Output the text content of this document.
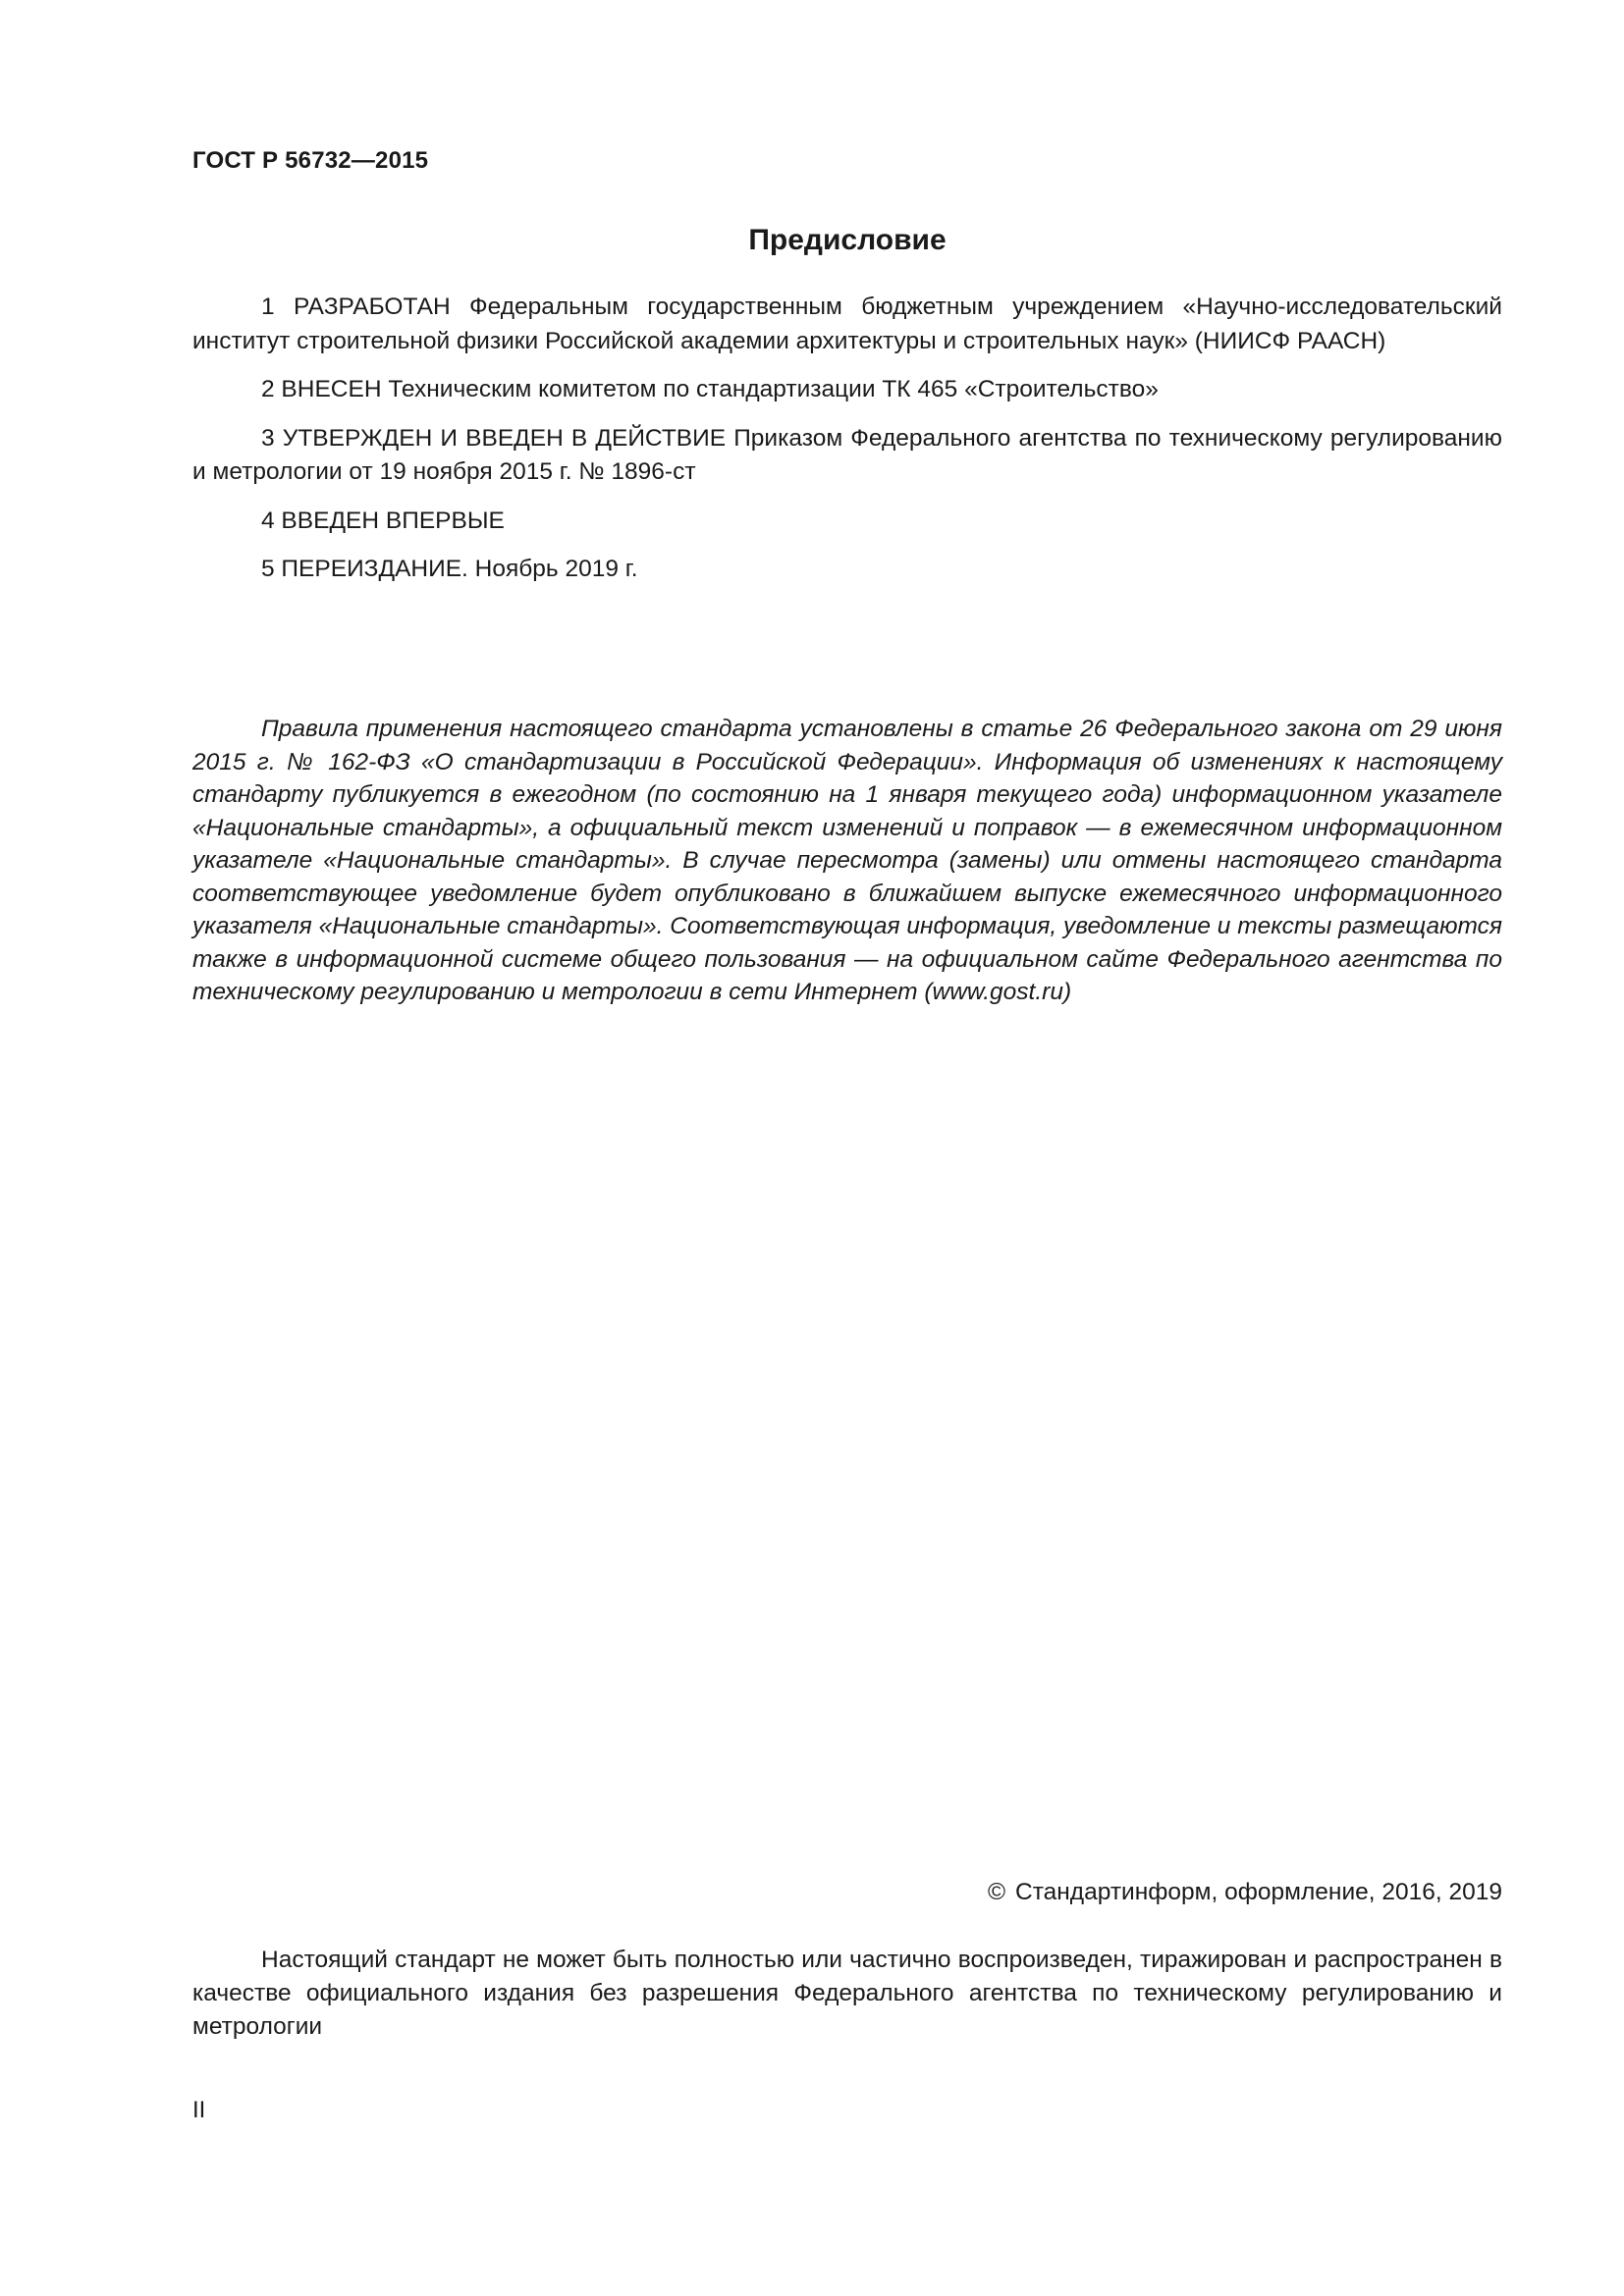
ГОСТ Р 56732—2015
Предисловие
1 РАЗРАБОТАН Федеральным государственным бюджетным учреждением «Научно-исследовательский институт строительной физики Российской академии архитектуры и строительных наук» (НИИСФ РААСН)
2 ВНЕСЕН Техническим комитетом по стандартизации ТК 465 «Строительство»
3 УТВЕРЖДЕН И ВВЕДЕН В ДЕЙСТВИЕ Приказом Федерального агентства по техническому регулированию и метрологии от 19 ноября 2015 г. № 1896-ст
4 ВВЕДЕН ВПЕРВЫЕ
5 ПЕРЕИЗДАНИЕ. Ноябрь 2019 г.

Правила применения настоящего стандарта установлены в статье 26 Федерального закона от 29 июня 2015 г. № 162-ФЗ «О стандартизации в Российской Федерации». Информация об изменениях к настоящему стандарту публикуется в ежегодном (по состоянию на 1 января текущего года) информационном указателе «Национальные стандарты», а официальный текст изменений и поправок — в ежемесячном информационном указателе «Национальные стандарты». В случае пересмотра (замены) или отмены настоящего стандарта соответствующее уведомление будет опубликовано в ближайшем выпуске ежемесячного информационного указателя «Национальные стандарты». Соответствующая информация, уведомление и тексты размещаются также в информационной системе общего пользования — на официальном сайте Федерального агентства по техническому регулированию и метрологии в сети Интернет (www.gost.ru)

© Стандартинформ, оформление, 2016, 2019

Настоящий стандарт не может быть полностью или частично воспроизведен, тиражирован и распространен в качестве официального издания без разрешения Федерального агентства по техническому регулированию и метрологии

II
